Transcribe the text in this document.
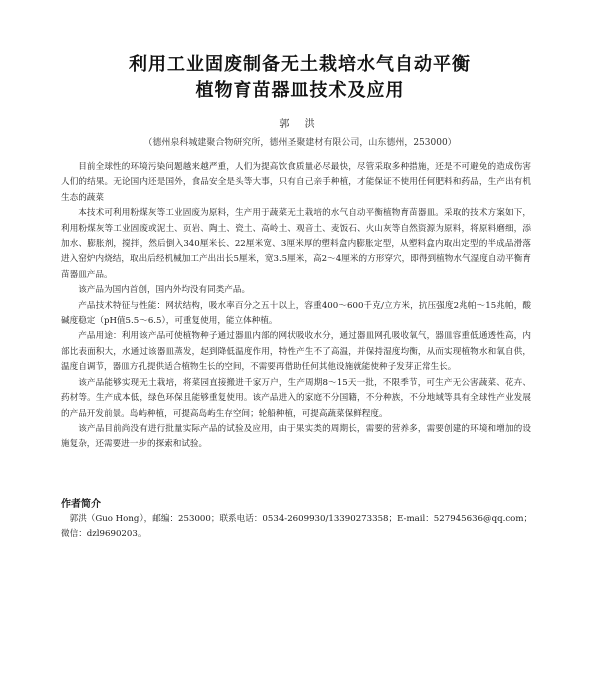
利用工业固废制备无土栽培水气自动平衡
植物育苗器皿技术及应用
郭 洪
（德州泉科城建聚合物研究所，德州圣聚建材有限公司，山东德州，253000）

目前全球性的环境污染问题越来越严重，人们为提高饮食质量必尽最快，尽管采取多种措施，还是不可避免的造成伤害人们的结果。无论国内还是国外，食品安全是头等大事，只有自己亲手种植，才能保证不使用任何肥料和药品，生产出有机生态的蔬菜

本技术可利用粉煤灰等工业固废为原料，生产用于蔬菜无土栽培的水气自动平衡植物育苗器皿。采取的技术方案如下，利用粉煤灰等工业固废或泥土、页岩、陶土、瓷土、高岭土、观音土、麦饭石、火山灰等自然资源为原料，将原料磨细，添加水、膨胀剂，搅拌，然后倒入340厘米长、22厘米宽、3厘米厚的塑料盒内膨胀定型，从塑料盒内取出定型的半成品滑落进入窑炉内烧结，取出后经机械加工产出出长5厘米，宽3.5厘米，高2～4厘米的方形穿穴，即得到植物水气湿度自动平衡育苗器皿产品。

该产品为国内首创，国内外均没有同类产品。

产品技术特征与性能：网状结构，吸水率百分之五十以上，容重400～600千克/立方米，抗压强度2兆帕～15兆帕，酸碱度稳定（pH值5.5～6.5），可重复使用，能立体种植。

产品用途：利用该产品可使植物种子通过器皿内部的网状吸收水分，通过器皿网孔吸收氧气，器皿容重低通透性高，内部比表面积大，水通过该器皿蒸发，起到降低温度作用，特性产生不了高温，并保持湿度均衡，从而实现植物水和氧自供，温度自调节，器皿方孔提供适合植物生长的空间，不需要再借助任何其他设施就能使种子发芽正常生长。

该产品能够实现无土栽培，将菜园直接搬进千家万户，生产周期8～15天一批，不限季节，可生产无公害蔬菜、花卉、药材等。生产成本低，绿色环保且能够重复使用。该产品进入的家庭不分国籍，不分种族，不分地域等具有全球性产业发展的产品开发前景。岛屿种植，可提高岛屿生存空间；轮船种植，可提高蔬菜保鲜程度。

该产品目前尚没有进行批量实际产品的试验及应用，由于果实类的周期长，需要的营养多，需要创建的环境和增加的设施复杂，还需要进一步的探索和试验。

作者简介

郭洪（Guo Hong），邮编：253000；联系电话：0534-2609930/13390273358；E-mail：527945636@qq.com；

微信：dzl9690203。
